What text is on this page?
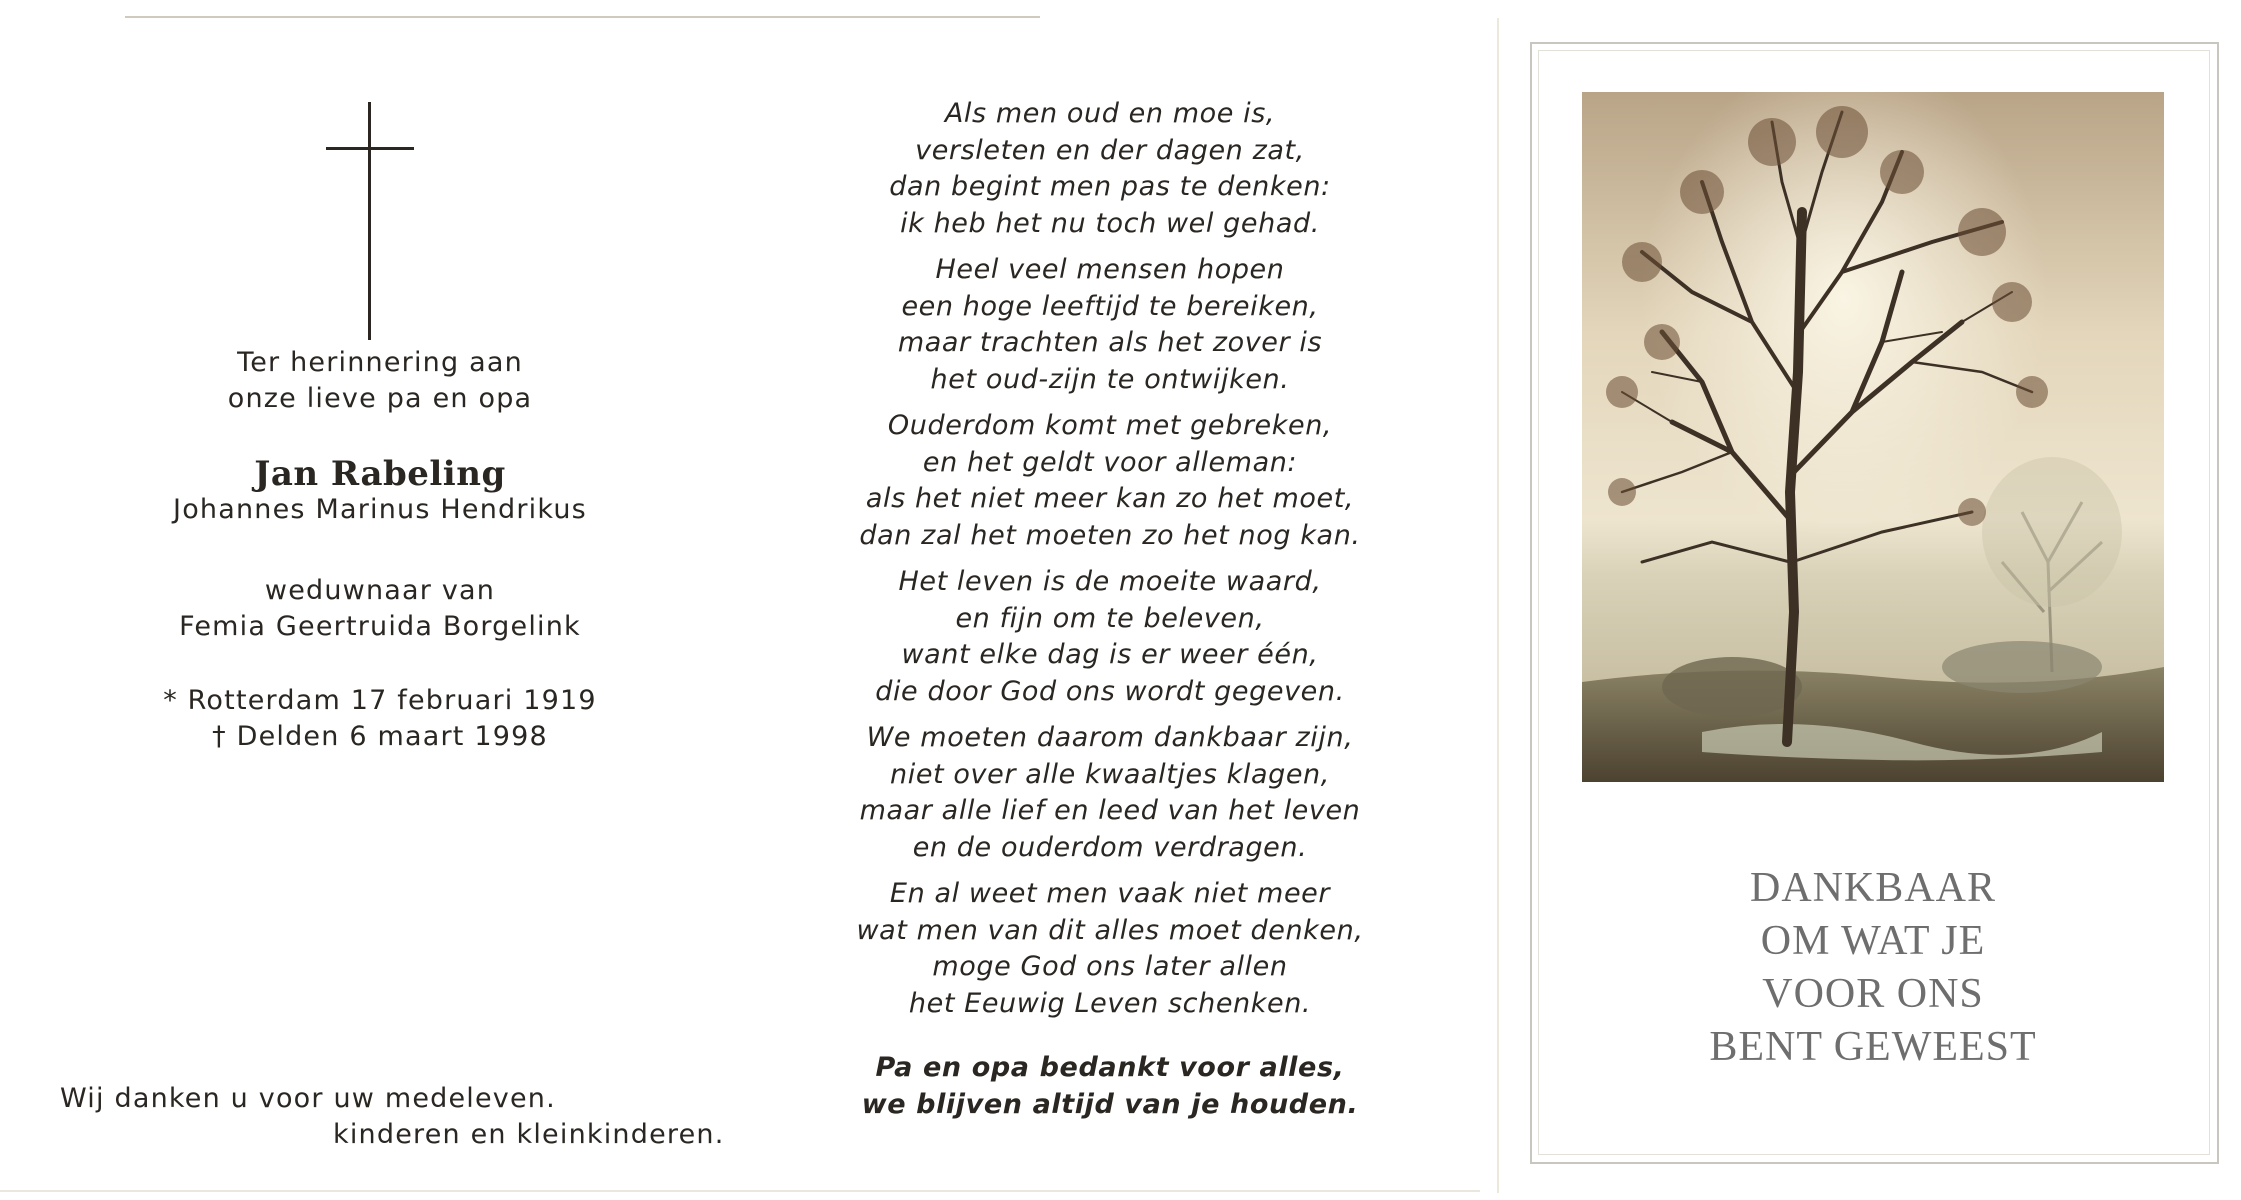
Ter herinnering aan
onze lieve pa en opa
Jan Rabeling
Johannes Marinus Hendrikus
weduwnaar van
Femia Geertruida Borgelink
* Rotterdam 17 februari 1919
† Delden 6 maart 1998
Wij danken u voor uw medeleven.
kinderen en kleinkinderen.
Als men oud en moe is,
versleten en der dagen zat,
dan begint men pas te denken:
ik heb het nu toch wel gehad.
Heel veel mensen hopen
een hoge leeftijd te bereiken,
maar trachten als het zover is
het oud-zijn te ontwijken.
Ouderdom komt met gebreken,
en het geldt voor alleman:
als het niet meer kan zo het moet,
dan zal het moeten zo het nog kan.
Het leven is de moeite waard,
en fijn om te beleven,
want elke dag is er weer één,
die door God ons wordt gegeven.
We moeten daarom dankbaar zijn,
niet over alle kwaaltjes klagen,
maar alle lief en leed van het leven
en de ouderdom verdragen.
En al weet men vaak niet meer
wat men van dit alles moet denken,
moge God ons later allen
het Eeuwig Leven schenken.
Pa en opa bedankt voor alles,
we blijven altijd van je houden.
DANKBAAR
OM WAT JE
VOOR ONS
BENT GEWEEST
